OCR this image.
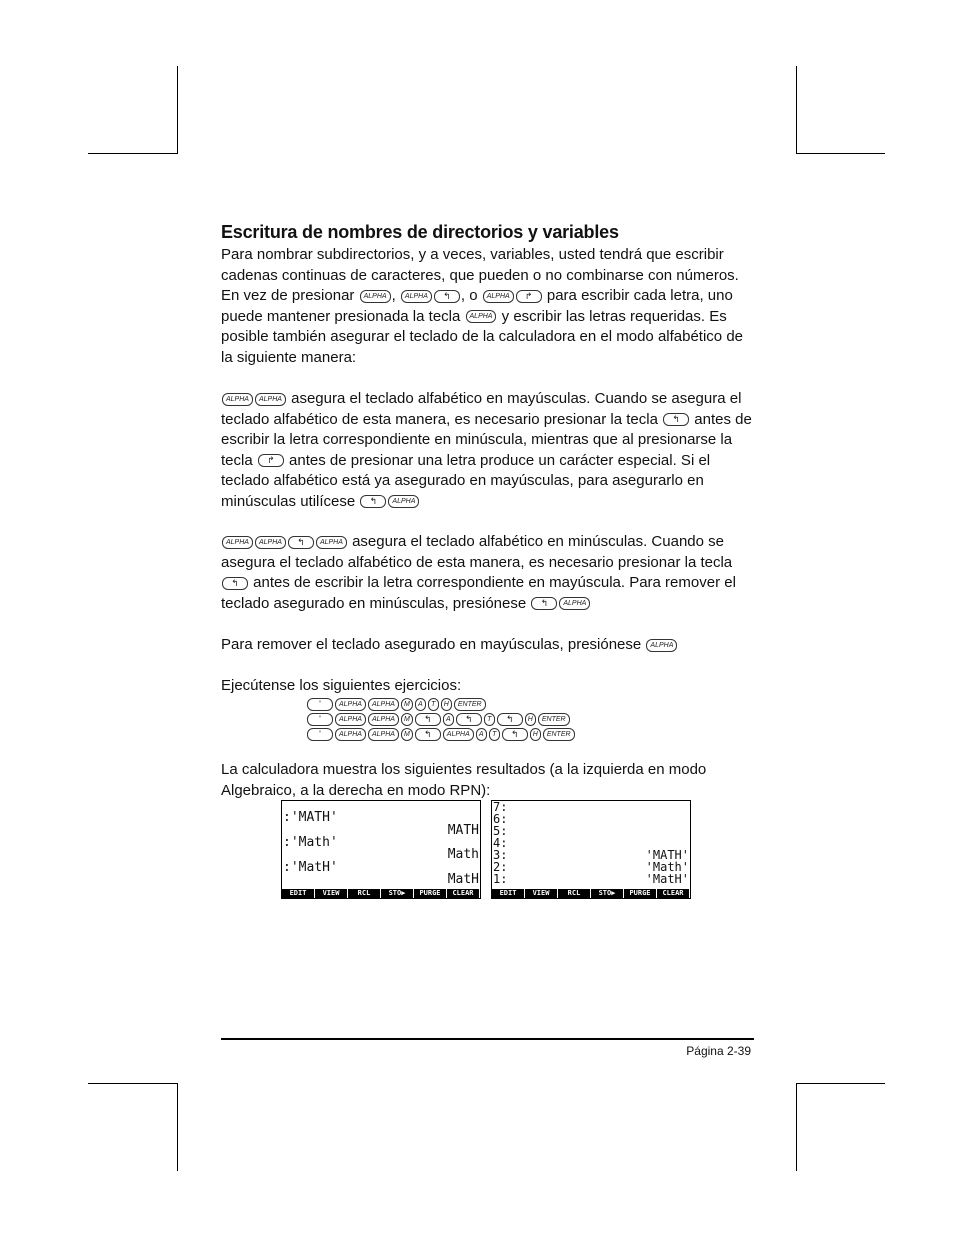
Escritura de nombres de directorios y variables
Para nombrar subdirectorios, y a veces, variables, usted tendrá que escribir cadenas continuas de caracteres, que pueden o no combinarse con números. En vez de presionar ALPHA , ALPHA ↰ , o ALPHA ↱ para escribir cada letra, uno puede mantener presionada la tecla ALPHA y escribir las letras requeridas. Es posible también asegurar el teclado de la calculadora en el modo alfabético de la siguiente manera:
ALPHA ALPHA asegura el teclado alfabético en mayúsculas. Cuando se asegura el teclado alfabético de esta manera, es necesario presionar la tecla ↰ antes de escribir la letra correspondiente en minúscula, mientras que al presionarse la tecla ↱ antes de presionar una letra produce un carácter especial. Si el teclado alfabético está ya asegurado en mayúsculas, para asegurarlo en minúsculas utilícese ↰ ALPHA
ALPHA ALPHA ↰ ALPHA asegura el teclado alfabético en minúsculas. Cuando se asegura el teclado alfabético de esta manera, es necesario presionar la tecla ↰ antes de escribir la letra correspondiente en mayúscula. Para remover el teclado asegurado en minúsculas, presiónese ↰ ALPHA
Para remover el teclado asegurado en mayúsculas, presiónese ALPHA
Ejecútense los siguientes ejercicios:
'	ALPHA ALPHA M A T H ENTER
'	ALPHA ALPHA M ↰ A ↰ T ↰ H ENTER
'	ALPHA ALPHA M ↰ ALPHA A T ↰ H ENTER
La calculadora muestra los siguientes resultados (a la izquierda en modo Algebraico, a la derecha en modo RPN):
:'MATH'
MATH
:'Math'
Math
:'MatH'
MatH
EDIT	VIEW	RCL	STO▶	PURGE	CLEAR
7:
6:
5:
4:
3:	'MATH'
2:	'Math'
1:	'MatH'
EDIT	VIEW	RCL	STO▶	PURGE	CLEAR
Página 2-39
